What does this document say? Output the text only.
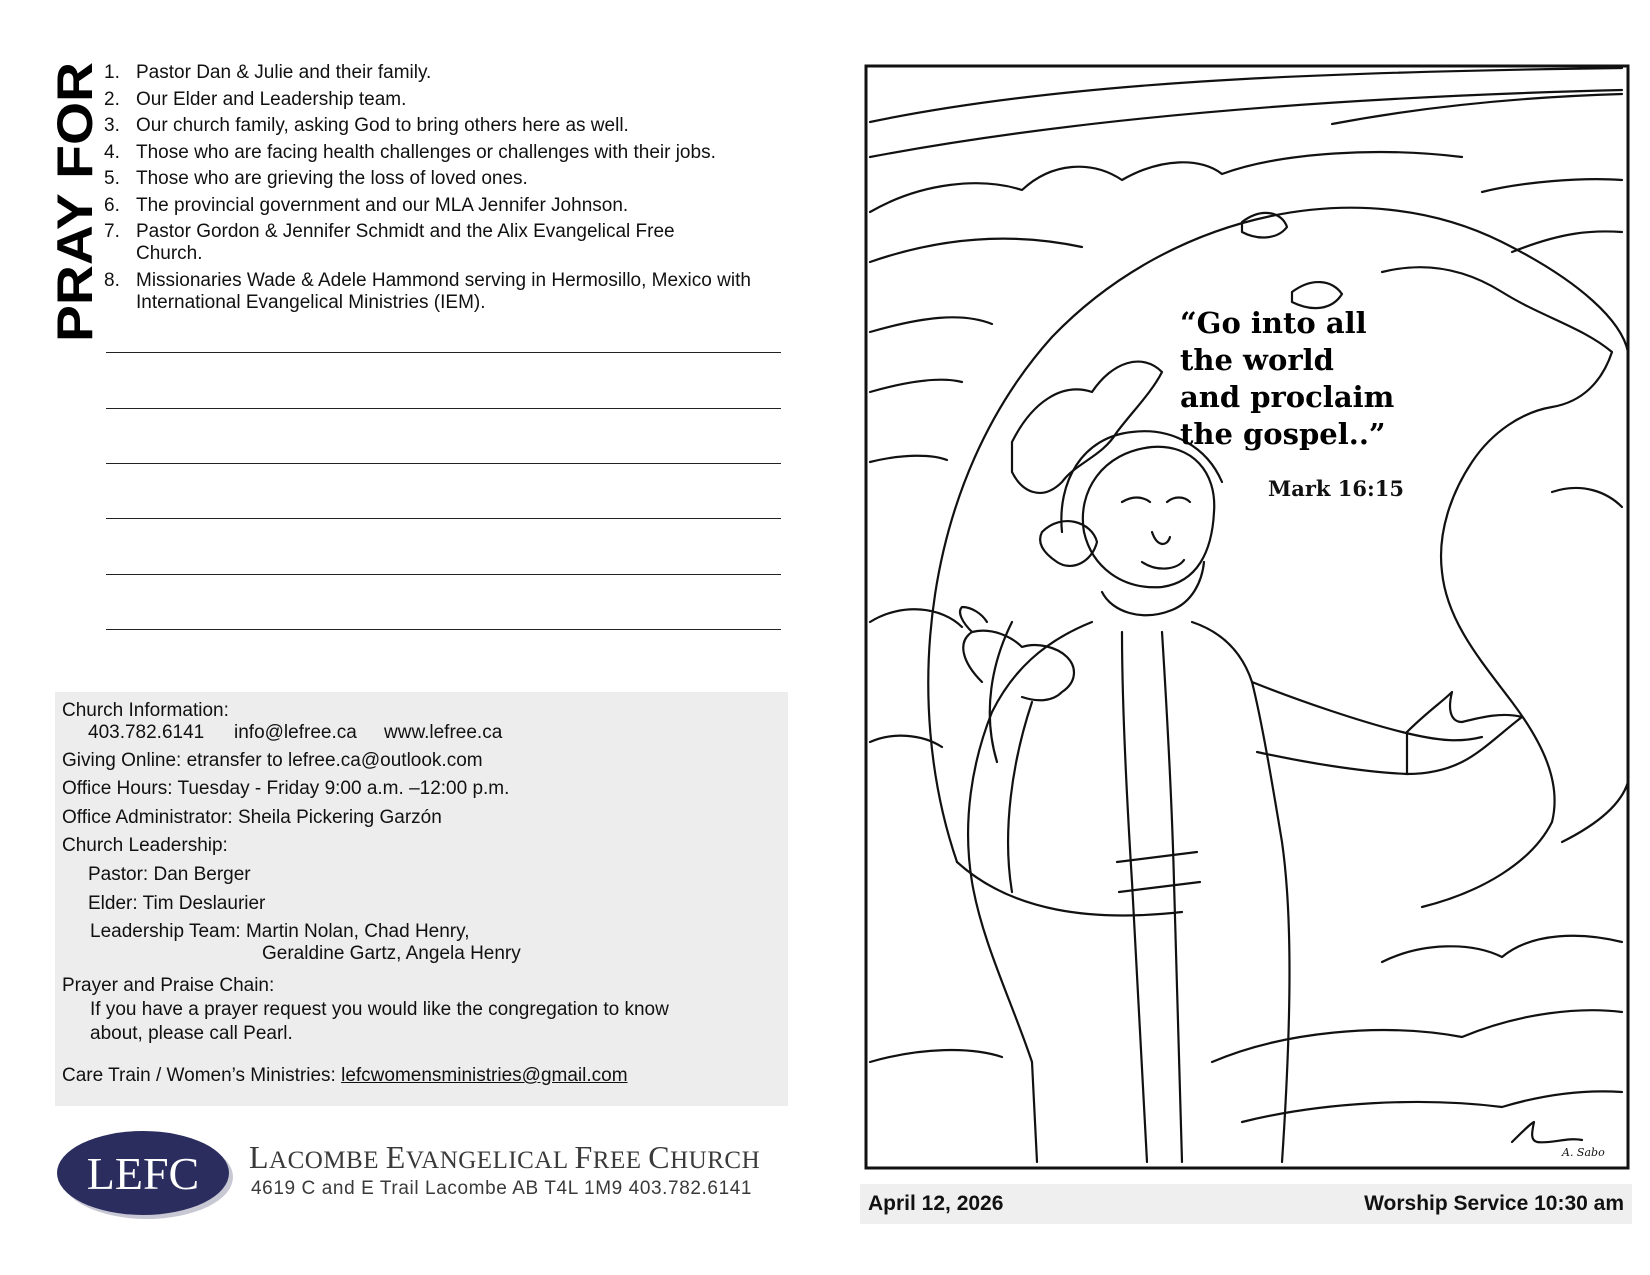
PRAY FOR
1. Pastor Dan & Julie and their family.
2. Our Elder and Leadership team.
3. Our church family, asking God to bring others here as well.
4. Those who are facing health challenges or challenges with their jobs.
5. Those who are grieving the loss of loved ones.
6. The provincial government and our MLA Jennifer Johnson.
7. Pastor Gordon & Jennifer Schmidt and the Alix Evangelical Free Church.
8. Missionaries Wade & Adele Hammond serving in Hermosillo, Mexico with International Evangelical Ministries (IEM).
Church Information:
403.782.6141 info@lefree.ca www.lefree.ca
Giving Online: etransfer to lefree.ca@outlook.com
Office Hours: Tuesday - Friday 9:00 a.m. –12:00 p.m.
Office Administrator: Sheila Pickering Garzón
Church Leadership:
Pastor: Dan Berger
Elder: Tim Deslaurier
Leadership Team: Martin Nolan, Chad Henry,
Geraldine Gartz, Angela Henry
Prayer and Praise Chain:
If you have a prayer request you would like the congregation to know
about, please call Pearl.
Care Train / Women’s Ministries: lefcwomensministries@gmail.com
LEFC LACOMBE EVANGELICAL FREE CHURCH
4619 C and E Trail Lacombe AB T4L 1M9 403.782.6141
A. Sabo
“Go into all
the world
and proclaim
the gospel..”
Mark 16:15
April 12, 2026	Worship Service 10:30 am
